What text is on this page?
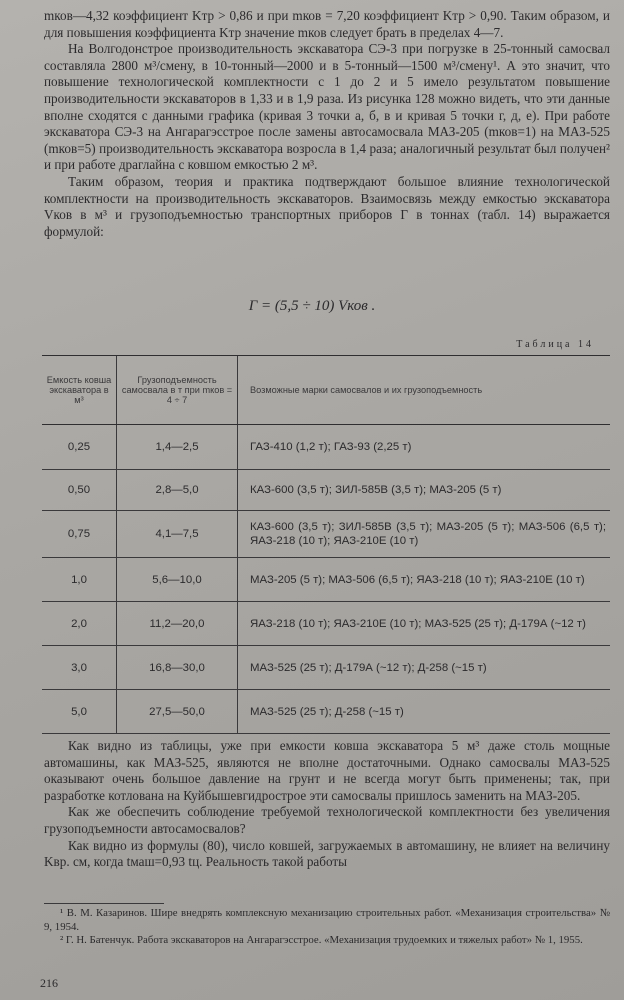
mков—4,32 коэффициент Kтр > 0,86 и при mков = 7,20 коэффициент Kтр > 0,90. Таким образом, и для повышения коэффициента Kтр значение mков следует брать в пределах 4—7.

На Волгодонстрое производительность экскаватора СЭ-3 при погрузке в 25-тонный самосвал составляла 2800 м³/смену, в 10-тонный—2000 и в 5-тонный—1500 м³/смену¹. А это значит, что повышение технологической комплектности с 1 до 2 и 5 имело результатом повышение производительности экскаваторов в 1,33 и в 1,9 раза. Из рисунка 128 можно видеть, что эти данные вполне сходятся с данными графика (кривая 3 точки а, б, в и кривая 5 точки г, д, е). При работе экскаватора СЭ-3 на Ангарагэсстрое после замены автосамосвала МАЗ-205 (mков=1) на МАЗ-525 (mков=5) производительность экскаватора возросла в 1,4 раза; аналогичный результат был получен² и при работе драглайна с ковшом емкостью 2 м³.

Таким образом, теория и практика подтверждают большое влияние технологической комплектности на производительность экскаваторов. Взаимосвязь между емкостью экскаватора Vков в м³ и грузоподъемностью транспортных приборов Г в тоннах (табл. 14) выражается формулой:

Г = (5,5 ÷ 10) Vков .
Таблица 14
Емкость ковша экскаватора в м³	Грузоподъемность самосвала в т при mков = 4 ÷ 7	Возможные марки самосвалов и их грузоподъемность
0,25	1,4—2,5	ГАЗ-410 (1,2 т); ГАЗ-93 (2,25 т)
0,50	2,8—5,0	КАЗ-600 (3,5 т); ЗИЛ-585В (3,5 т); МАЗ-205 (5 т)
0,75	4,1—7,5	КАЗ-600 (3,5 т); ЗИЛ-585В (3,5 т); МАЗ-205 (5 т); МАЗ-506 (6,5 т); ЯАЗ-218 (10 т); ЯАЗ-210Е (10 т)
1,0	5,6—10,0	МАЗ-205 (5 т); МАЗ-506 (6,5 т); ЯАЗ-218 (10 т); ЯАЗ-210Е (10 т)
2,0	11,2—20,0	ЯАЗ-218 (10 т); ЯАЗ-210Е (10 т); МАЗ-525 (25 т); Д-179А (~12 т)
3,0	16,8—30,0	МАЗ-525 (25 т); Д-179А (~12 т); Д-258 (~15 т)
5,0	27,5—50,0	МАЗ-525 (25 т); Д-258 (~15 т)

Как видно из таблицы, уже при емкости ковша экскаватора 5 м³ даже столь мощные автомашины, как МАЗ-525, являются не вполне достаточными. Однако самосвалы МАЗ-525 оказывают очень большое давление на грунт и не всегда могут быть применены; так, при разработке котлована на Куйбышевгидрострое эти самосвалы пришлось заменить на МАЗ-205.

Как же обеспечить соблюдение требуемой технологической комплектности без увеличения грузоподъемности автосамосвалов?

Как видно из формулы (80), число ковшей, загружаемых в автомашину, не влияет на величину Kвр. см, когда tмаш=0,93 tц. Реальность такой работы

¹ В. М. Казаринов. Шире внедрять комплексную механизацию строительных работ. «Механизация строительства» № 9, 1954.

² Г. Н. Батенчук. Работа экскаваторов на Ангарагэсстрое. «Механизация трудоемких и тяжелых работ» № 1, 1955.

216
